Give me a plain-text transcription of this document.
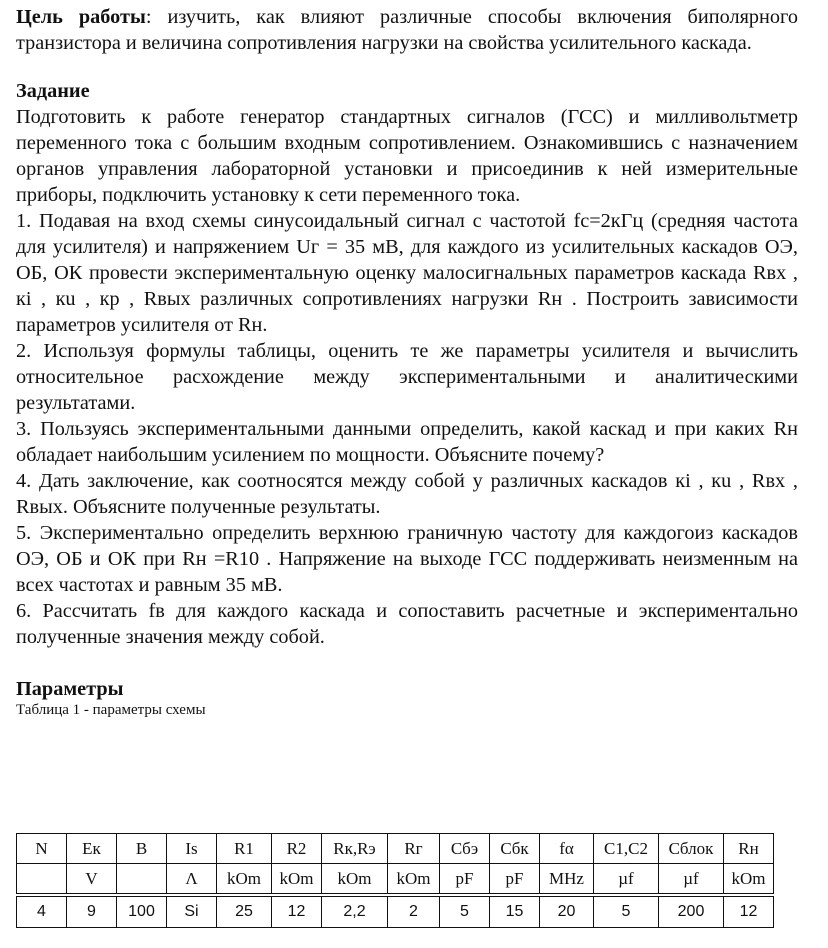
Цель работы: изучить, как влияют различные способы включения биполярного транзистора и величина сопротивления нагрузки на свойства усилительного каскада.

Задание

Подготовить к работе генератор стандартных сигналов (ГСС) и милливольтметр переменного тока с большим входным сопротивлением. Ознакомившись с назначением органов управления лабораторной установки и присоединив к ней измерительные приборы, подключить установку к сети переменного тока.

1. Подавая на вход схемы синусоидальный сигнал с частотой fc=2кГц (средняя частота для усилителя) и напряжением Uг = 35 мВ, для каждого из усилительных каскадов ОЭ, ОБ, ОК провести экспериментальную оценку малосигнальных параметров каскада Rвх , кi , кu , кр , Rвых различных сопротивлениях нагрузки Rн . Построить зависимости параметров усилителя от Rн.

2. Используя формулы таблицы, оценить те же параметры усилителя и вычислить относительное расхождение между экспериментальными и аналитическими результатами.

3. Пользуясь экспериментальными данными определить, какой каскад и при каких Rн обладает наибольшим усилением по мощности. Объясните почему?

4. Дать заключение, как соотносятся между собой у различных каскадов кi , кu , Rвх , Rвых. Объясните полученные результаты.

5. Экспериментально определить верхнюю граничную частоту для каждогоиз каскадов ОЭ, ОБ и ОК при Rн =R10 . Напряжение на выходе ГСС поддерживать неизменным на всех частотах и равным 35 мВ.

6. Рассчитать fв для каждого каскада и сопоставить расчетные и экспериментально полученные значения между собой.

Параметры

Таблица 1 - параметры схемы

N	Eк	B	Is	R1	R2	Rк,Rэ	Rг	Cбэ	Cбк	fα	C1,C2	Cблок	Rн
	V		Λ	kOm	kOm	kOm	kOm	pF	pF	MHz	µf	µf	kOm
4	9	100	Si	25	12	2,2	2	5	15	20	5	200	12
